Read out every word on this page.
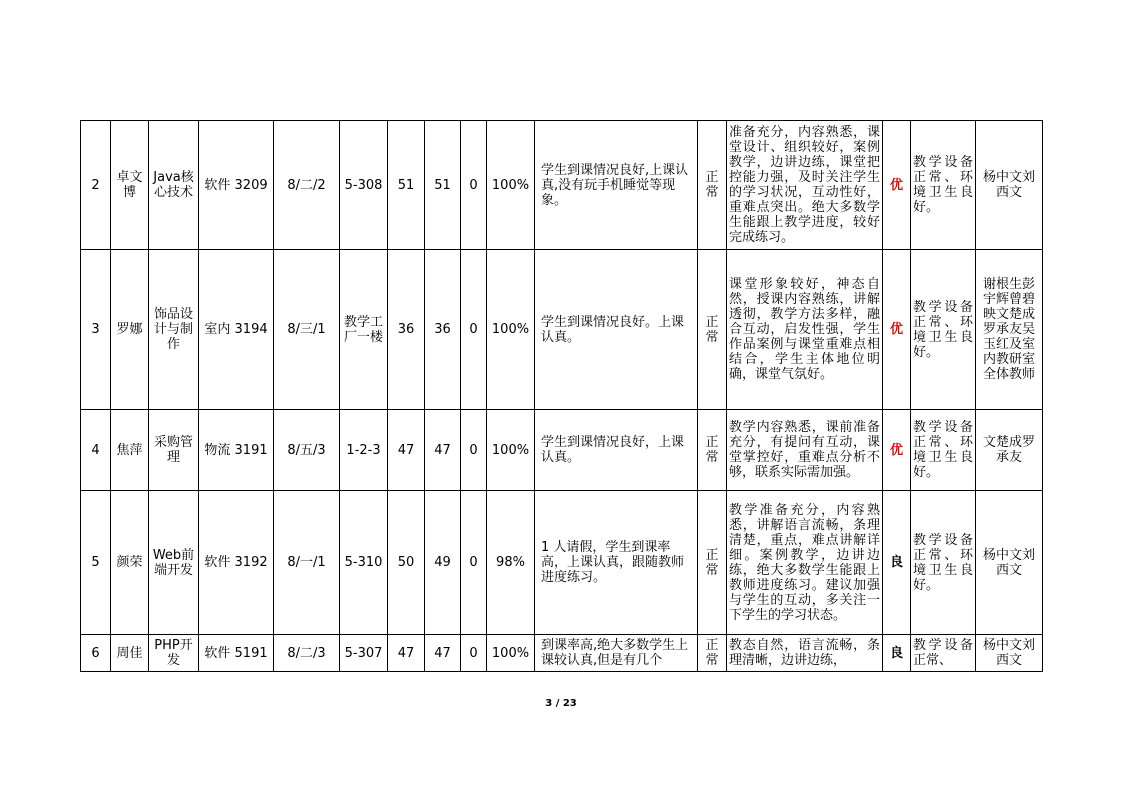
2	卓文博	Java核心技术	软件 3209	8/二/2	5-308	51	51	0	100%	学生到课情况良好,上课认真,没有玩手机睡觉等现象。	正常	准备充分，内容熟悉，课堂设计、组织较好，案例教学，边讲边练，课堂把控能力强，及时关注学生的学习状况，互动性好，重难点突出。绝大多数学生能跟上教学进度，较好完成练习。	优	教学设备正常、环境卫生良好。	杨中文刘西文
3	罗娜	饰品设计与制作	室内 3194	8/三/1	教学工厂一楼	36	36	0	100%	学生到课情况良好。上课认真。	正常	课堂形象较好，神态自然，授课内容熟练，讲解透彻，教学方法多样，融合互动，启发性强，学生作品案例与课堂重难点相结合，学生主体地位明确，课堂气氛好。	优	教学设备正常、环境卫生良好。	谢根生彭宇辉曾碧映文楚成罗承友吴玉红及室内教研室全体教师
4	焦萍	采购管理	物流 3191	8/五/3	1-2-3	47	47	0	100%	学生到课情况良好，上课认真。	正常	教学内容熟悉，课前准备充分，有提问有互动，课堂掌控好，重难点分析不够，联系实际需加强。	优	教学设备正常、环境卫生良好。	文楚成罗承友
5	颜荣	Web前端开发	软件 3192	8/一/1	5-310	50	49	0	98%	1 人请假，学生到课率高，上课认真，跟随教师进度练习。	正常	教学准备充分，内容熟悉，讲解语言流畅，条理清楚，重点，难点讲解详细。案例教学，边讲边练，绝大多数学生能跟上教师进度练习。建议加强与学生的互动，多关注一下学生的学习状态。	良	教学设备正常、环境卫生良好。	杨中文刘西文
6	周佳	PHP开发	软件 5191	8/二/3	5-307	47	47	0	100%	到课率高,绝大多数学生上课较认真,但是有几个	正常	教态自然，语言流畅，条理清晰，边讲边练，	良	教学设备正常、	杨中文刘西文
3 / 23
